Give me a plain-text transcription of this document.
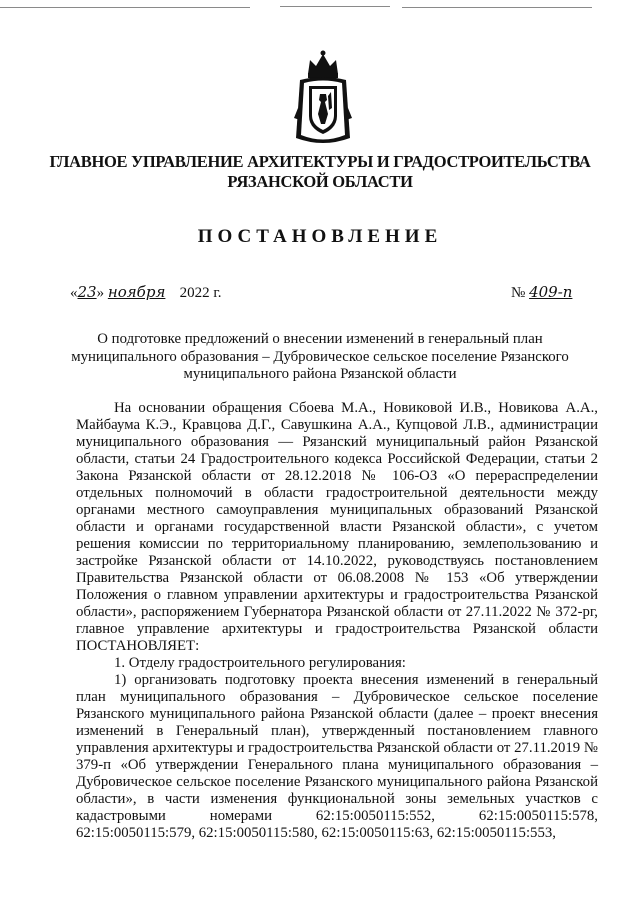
ГЛАВНОЕ УПРАВЛЕНИЕ АРХИТЕКТУРЫ И ГРАДОСТРОИТЕЛЬСТВА
РЯЗАНСКОЙ ОБЛАСТИ
ПОСТАНОВЛЕНИЕ
«23» ноября 2022 г.	№ 409-п
О подготовке предложений о внесении изменений в генеральный план
муниципального образования – Дубровическое сельское поселение Рязанского
муниципального района Рязанской области

На основании обращения Сбоева М.А., Новиковой И.В., Новикова А.А., Майбаума К.Э., Кравцова Д.Г., Савушкина А.А., Купцовой Л.В., администрации муниципального образования — Рязанский муниципальный район Рязанской области, статьи 24 Градостроительного кодекса Российской Федерации, статьи 2 Закона Рязанской области от 28.12.2018 № 106-ОЗ «О перераспределении отдельных полномочий в области градостроительной деятельности между органами местного самоуправления муниципальных образований Рязанской области и органами государственной власти Рязанской области», с учетом решения комиссии по территориальному планированию, землепользованию и застройке Рязанской области от 14.10.2022, руководствуясь постановлением Правительства Рязанской области от 06.08.2008 № 153 «Об утверждении Положения о главном управлении архитектуры и градостроительства Рязанской области», распоряжением Губернатора Рязанской области от 27.11.2022 № 372-рг, главное управление архитектуры и градостроительства Рязанской области ПОСТАНОВЛЯЕТ:

1. Отделу градостроительного регулирования:

1) организовать подготовку проекта внесения изменений в генеральный план муниципального образования – Дубровическое сельское поселение Рязанского муниципального района Рязанской области (далее – проект внесения изменений в Генеральный план), утвержденный постановлением главного управления архитектуры и градостроительства Рязанской области от 27.11.2019 № 379-п «Об утверждении Генерального плана муниципального образования – Дубровическое сельское поселение Рязанского муниципального района Рязанской области», в части изменения функциональной зоны земельных участков с кадастровыми номерами 62:15:0050115:552, 62:15:0050115:578, 62:15:0050115:579, 62:15:0050115:580, 62:15:0050115:63, 62:15:0050115:553,
